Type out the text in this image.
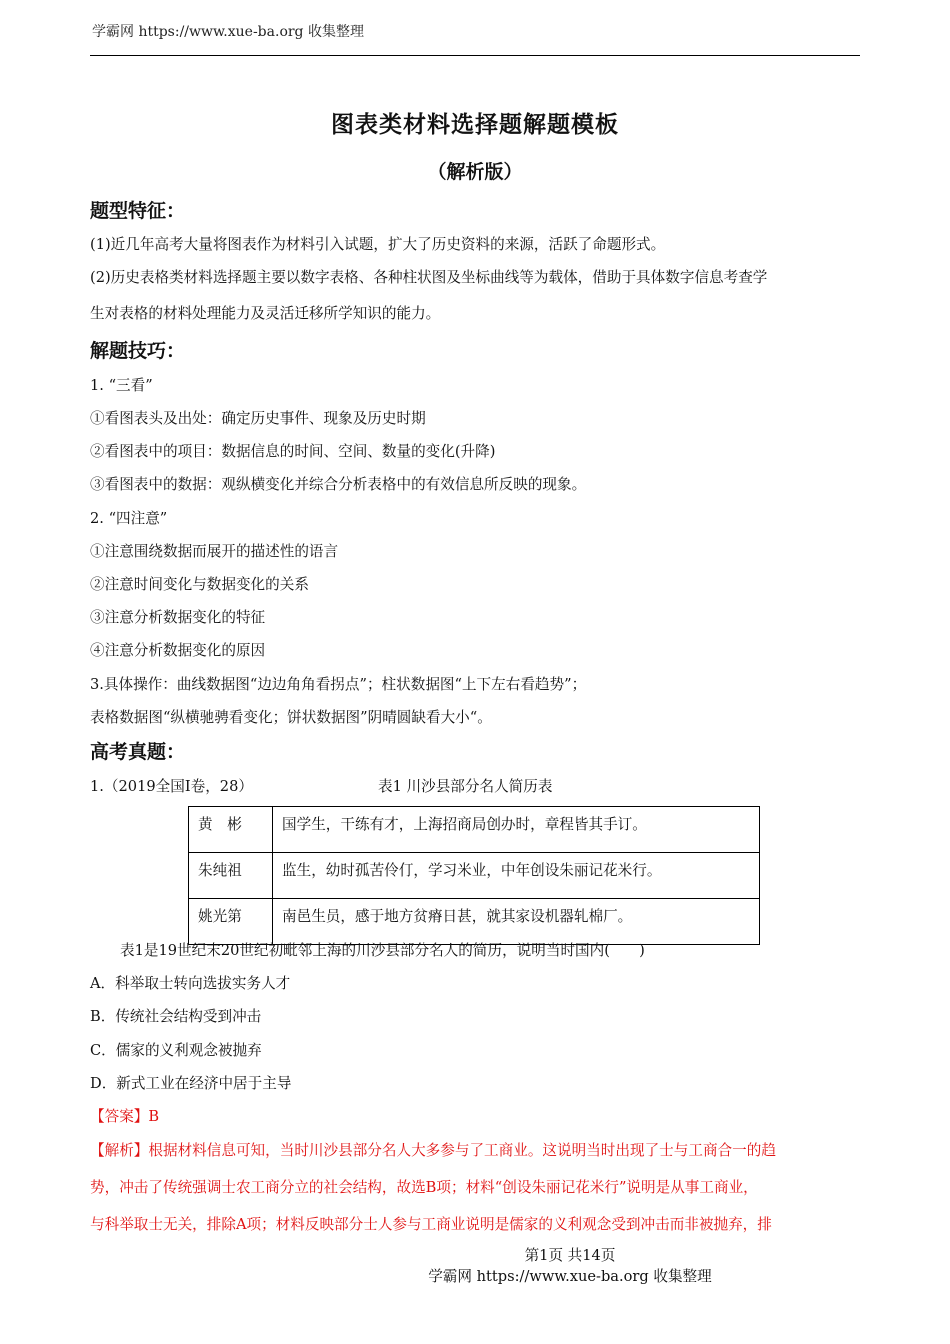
学霸网 https://www.xue-ba.org 收集整理
图表类材料选择题解题模板
（解析版）
题型特征：
(1)近几年高考大量将图表作为材料引入试题，扩大了历史资料的来源，活跃了命题形式。
(2)历史表格类材料选择题主要以数字表格、各种柱状图及坐标曲线等为载体，借助于具体数字信息考查学
生对表格的材料处理能力及灵活迁移所学知识的能力。
解题技巧：
1. “三看”
①看图表头及出处：确定历史事件、现象及历史时期
②看图表中的项目：数据信息的时间、空间、数量的变化(升降)
③看图表中的数据：观纵横变化并综合分析表格中的有效信息所反映的现象。
2. “四注意”
①注意围绕数据而展开的描述性的语言
②注意时间变化与数据变化的关系
③注意分析数据变化的特征
④注意分析数据变化的原因
3.具体操作：曲线数据图“边边角角看拐点”；柱状数据图“上下左右看趋势”；
表格数据图“纵横驰骋看变化；饼状数据图”阴晴圆缺看大小“。
高考真题：
1.（2019全国Ⅰ卷，28）	表1 川沙县部分名人简历表
黄　彬	国学生，干练有才，上海招商局创办时，章程皆其手订。
朱纯祖	监生，幼时孤苦伶仃，学习米业，中年创设朱丽记花米行。
姚光第	南邑生员，感于地方贫瘠日甚，就其家设机器轧棉厂。
表1是19世纪末20世纪初毗邻上海的川沙县部分名人的简历，说明当时国内(　　)
A．科举取士转向选拔实务人才
B．传统社会结构受到冲击
C．儒家的义利观念被抛弃
D．新式工业在经济中居于主导
【答案】B
【解析】根据材料信息可知，当时川沙县部分名人大多参与了工商业。这说明当时出现了士与工商合一的趋
势，冲击了传统强调士农工商分立的社会结构，故选B项；材料“创设朱丽记花米行”说明是从事工商业，
与科举取士无关，排除A项；材料反映部分士人参与工商业说明是儒家的义利观念受到冲击而非被抛弃，排
第1页 共14页
学霸网 https://www.xue-ba.org 收集整理
